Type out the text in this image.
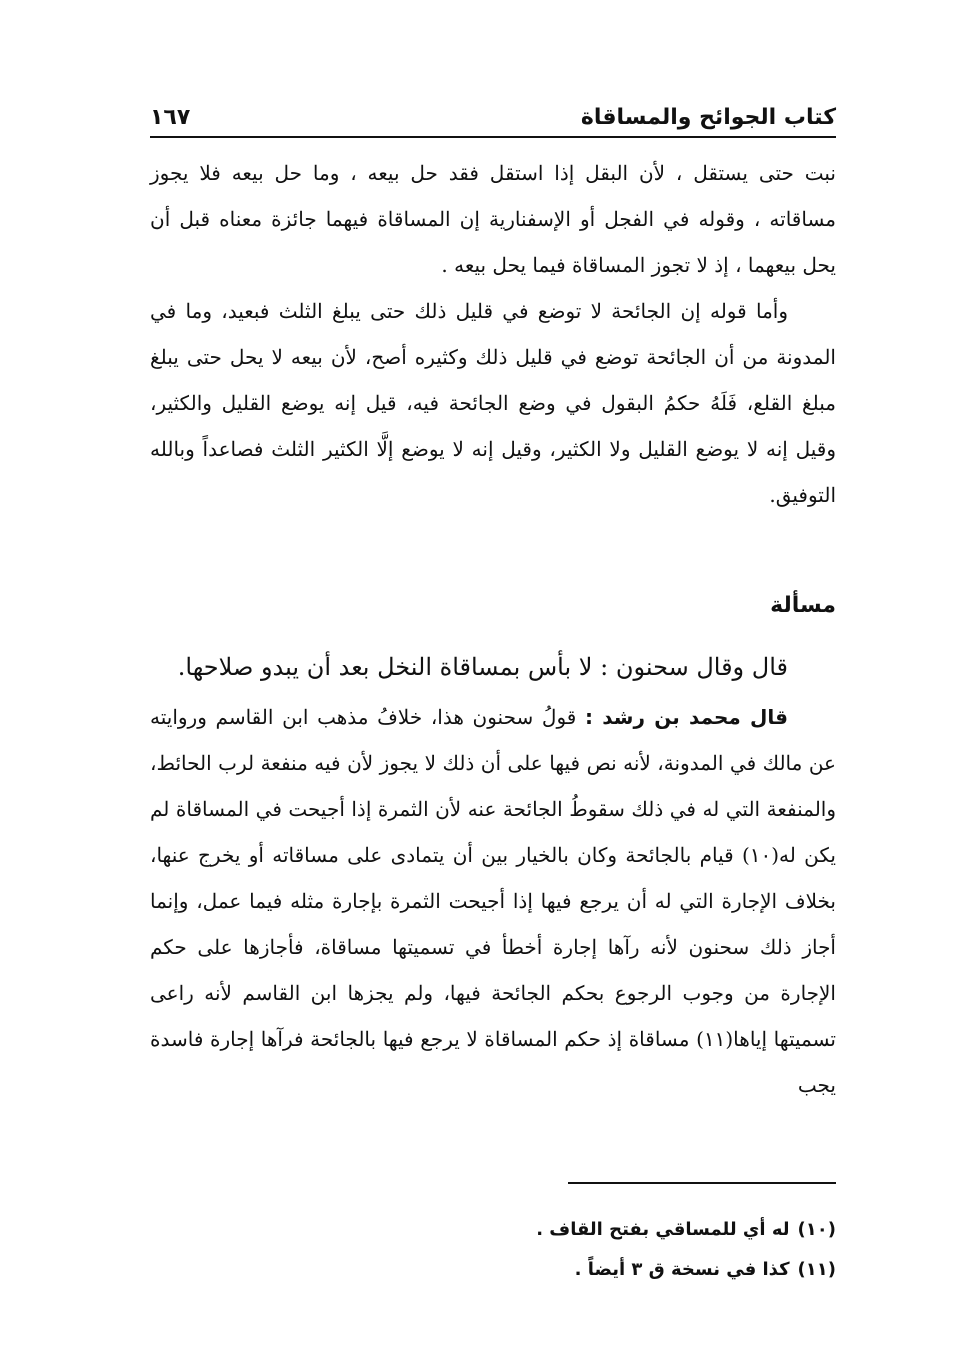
كتاب الجوائح والمساقاة
١٦٧

نبت حتى يستقل ، لأن البقل إذا استقل فقد حل بيعه ، وما حل بيعه فلا يجوز مساقاته ، وقوله في الفجل أو الإسفنارية إن المساقاة فيهما جائزة معناه قبل أن يحل بيعهما ، إذ لا تجوز المساقاة فيما يحل بيعه .

وأما قوله إن الجائحة لا توضع في قليل ذلك حتى يبلغ الثلث فبعيد، وما في المدونة من أن الجائحة توضع في قليل ذلك وكثيره أصح، لأن بيعه لا يحل حتى يبلغ مبلغ القلع، فَلَهُ حكمُ البقول في وضع الجائحة فيه، قيل إنه يوضع القليل والكثير، وقيل إنه لا يوضع القليل ولا الكثير، وقيل إنه لا يوضع إلَّا الكثير الثلث فصاعداً وبالله التوفيق.

مسألة

قال وقال سحنون : لا بأس بمساقاة النخل بعد أن يبدو صلاحها.

قال محمد بن رشد : قولُ سحنون هذا، خلافُ مذهب ابن القاسم وروايته عن مالك في المدونة، لأنه نص فيها على أن ذلك لا يجوز لأن فيه منفعة لرب الحائط، والمنفعة التي له في ذلك سقوطُ الجائحة عنه لأن الثمرة إذا أجيحت في المساقاة لم يكن له(١٠) قيام بالجائحة وكان بالخيار بين أن يتمادى على مساقاته أو يخرج عنها، بخلاف الإجارة التي له أن يرجع فيها إذا أجيحت الثمرة بإجارة مثله فيما عمل، وإنما أجاز ذلك سحنون لأنه رآها إجارة أخطأ في تسميتها مساقاة، فأجازها على حكم الإجارة من وجوب الرجوع بحكم الجائحة فيها، ولم يجزها ابن القاسم لأنه راعى تسميتها إياها(١١) مساقاة إذ حكم المساقاة لا يرجع فيها بالجائحة فرآها إجارة فاسدة يجب

(١٠)له أي للمساقي بفتح القاف .

(١١)كذا في نسخة ق ٣ أيضاً .
